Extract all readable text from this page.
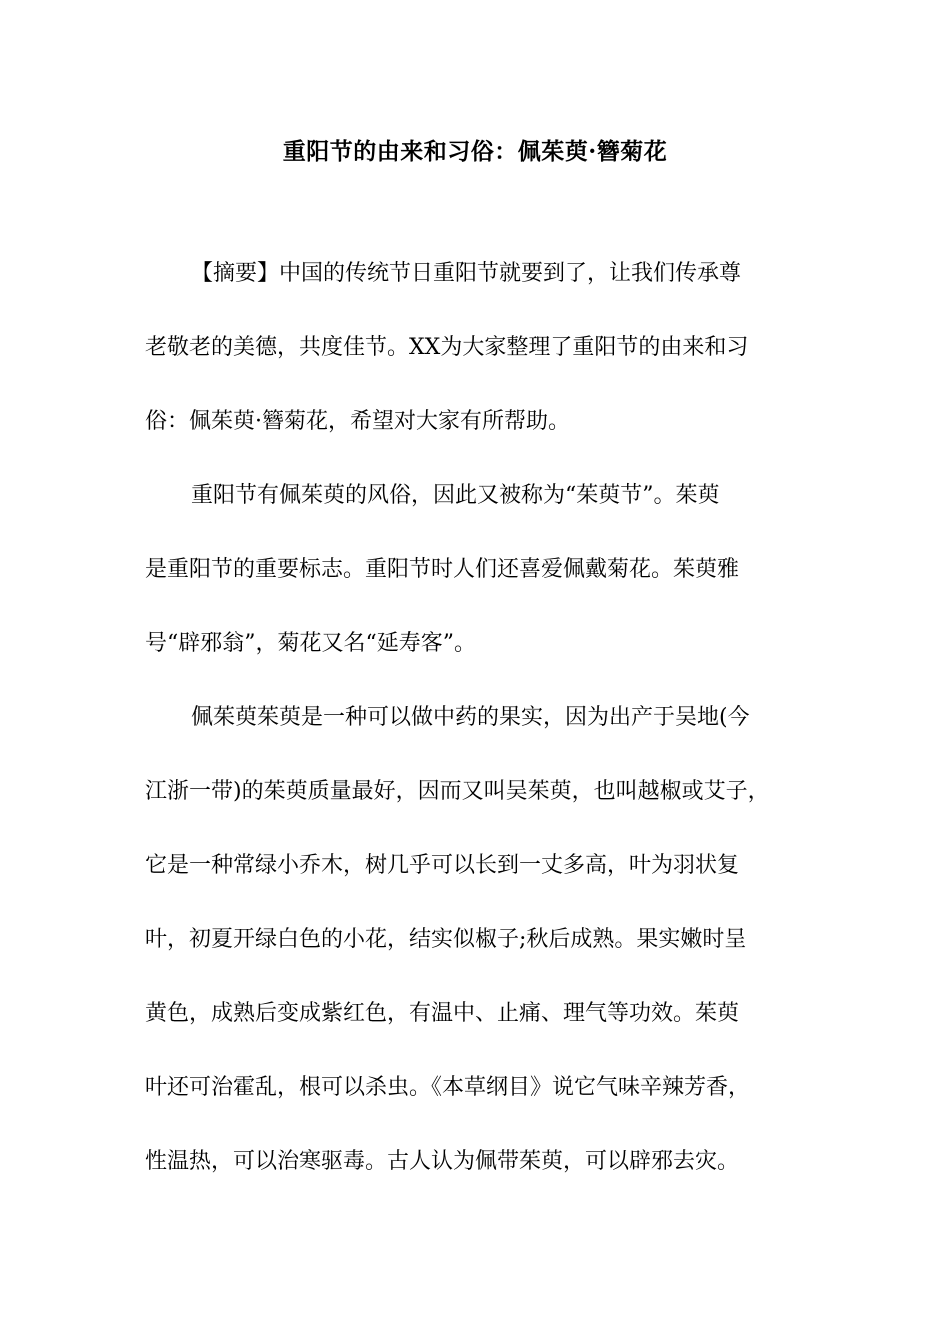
重阳节的由来和习俗：佩茱萸·簪菊花
【摘要】中国的传统节日重阳节就要到了，让我们传承尊
老敬老的美德，共度佳节。XX为大家整理了重阳节的由来和习
俗：佩茱萸·簪菊花，希望对大家有所帮助。
重阳节有佩茱萸的风俗，因此又被称为“茱萸节”。茱萸
是重阳节的重要标志。重阳节时人们还喜爱佩戴菊花。茱萸雅
号“辟邪翁”，菊花又名“延寿客”。
佩茱萸茱萸是一种可以做中药的果实，因为出产于吴地(今
江浙一带)的茱萸质量最好，因而又叫吴茱萸，也叫越椒或艾子，
它是一种常绿小乔木，树几乎可以长到一丈多高，叶为羽状复
叶，初夏开绿白色的小花，结实似椒子;秋后成熟。果实嫩时呈
黄色，成熟后变成紫红色，有温中、止痛、理气等功效。茱萸
叶还可治霍乱，根可以杀虫。《本草纲目》说它气味辛辣芳香，
性温热，可以治寒驱毒。古人认为佩带茱萸，可以辟邪去灾。
